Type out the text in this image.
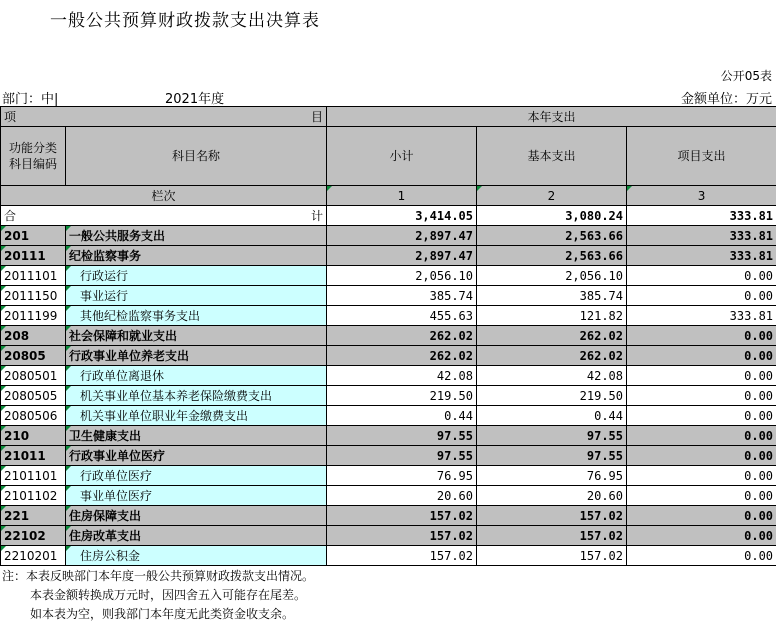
一般公共预算财政拨款支出决算表
公开05表
部门：中|	2021年度	金额单位：万元
项 目		本年支出		

功能分类
科目编码	科目名称	小计	基本支出	项目支出
栏次		1	2	3

合 计		3,414.05	3,080.24	333.81
201	一般公共服务支出	2,897.47	2,563.66	333.81
20111	纪检监察事务	2,897.47	2,563.66	333.81
2011101	行政运行	2,056.10	2,056.10	0.00
2011150	事业运行	385.74	385.74	0.00
2011199	其他纪检监察事务支出	455.63	121.82	333.81
208	社会保障和就业支出	262.02	262.02	0.00
20805	行政事业单位养老支出	262.02	262.02	0.00
2080501	行政单位离退休	42.08	42.08	0.00
2080505	机关事业单位基本养老保险缴费支出	219.50	219.50	0.00
2080506	机关事业单位职业年金缴费支出	0.44	0.44	0.00
210	卫生健康支出	97.55	97.55	0.00
21011	行政事业单位医疗	97.55	97.55	0.00
2101101	行政单位医疗	76.95	76.95	0.00
2101102	事业单位医疗	20.60	20.60	0.00
221	住房保障支出	157.02	157.02	0.00
22102	住房改革支出	157.02	157.02	0.00
2210201	住房公积金	157.02	157.02	0.00
注：本表反映部门本年度一般公共预算财政拨款支出情况。
本表金额转换成万元时，因四舍五入可能存在尾差。
如本表为空，则我部门本年度无此类资金收支余。
